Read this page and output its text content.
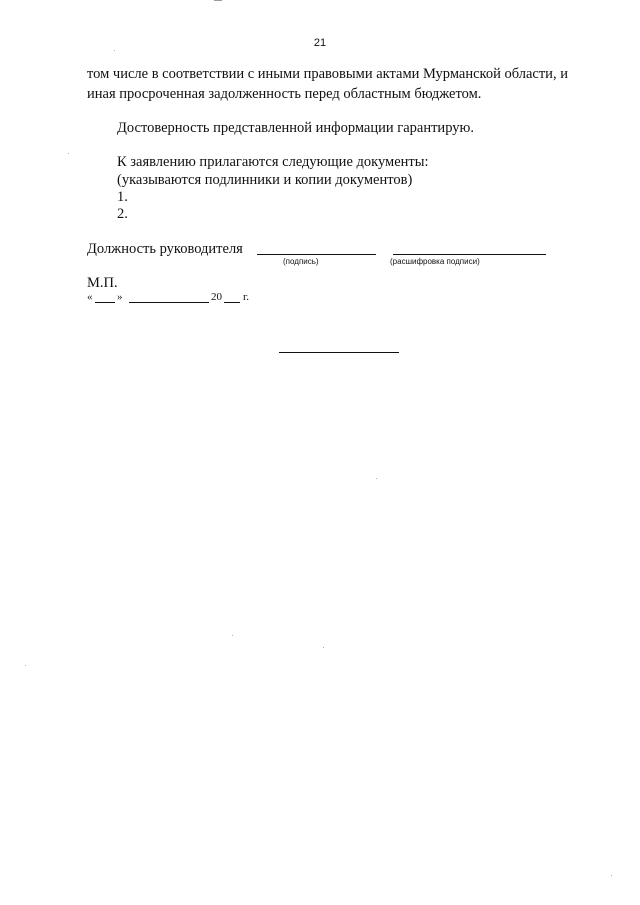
21
том числе в соответствии с иными правовыми актами Мурманской области, и
иная просроченная задолженность перед областным бюджетом.
Достоверность представленной информации гарантирую.
К заявлению прилагаются следующие документы:
(указываются подлинники и копии документов)
1.
2.
Должность руководителя
(подпись)	(расшифровка подписи)
М.П.
« »	20 г.
